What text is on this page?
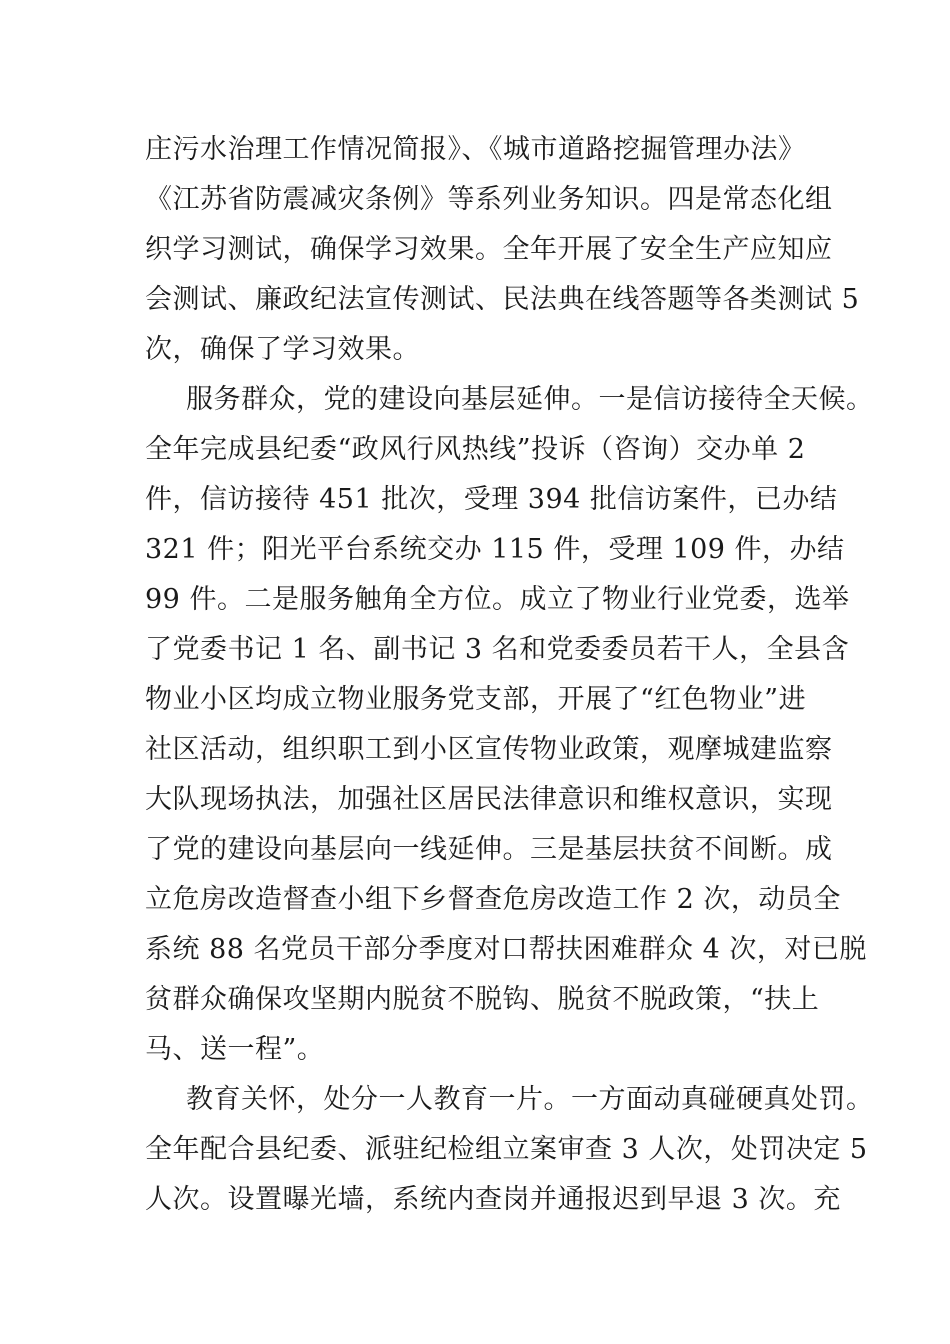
庄污水治理工作情况简报》、《城市道路挖掘管理办法》
《江苏省防震减灾条例》等系列业务知识。四是常态化组
织学习测试，确保学习效果。全年开展了安全生产应知应
会测试、廉政纪法宣传测试、民法典在线答题等各类测试 5
次，确保了学习效果。
服务群众，党的建设向基层延伸。一是信访接待全天候。
全年完成县纪委“政风行风热线”投诉（咨询）交办单 2
件，信访接待 451 批次，受理 394 批信访案件，已办结
321 件；阳光平台系统交办 115 件，受理 109 件，办结
99 件。二是服务触角全方位。成立了物业行业党委，选举
了党委书记 1 名、副书记 3 名和党委委员若干人，全县含
物业小区均成立物业服务党支部，开展了“红色物业”进
社区活动，组织职工到小区宣传物业政策，观摩城建监察
大队现场执法，加强社区居民法律意识和维权意识，实现
了党的建设向基层向一线延伸。三是基层扶贫不间断。成
立危房改造督查小组下乡督查危房改造工作 2 次，动员全
系统 88 名党员干部分季度对口帮扶困难群众 4 次，对已脱
贫群众确保攻坚期内脱贫不脱钩、脱贫不脱政策，“扶上
马、送一程”。
教育关怀，处分一人教育一片。一方面动真碰硬真处罚。
全年配合县纪委、派驻纪检组立案审查 3 人次，处罚决定 5
人次。设置曝光墙，系统内查岗并通报迟到早退 3 次。充
